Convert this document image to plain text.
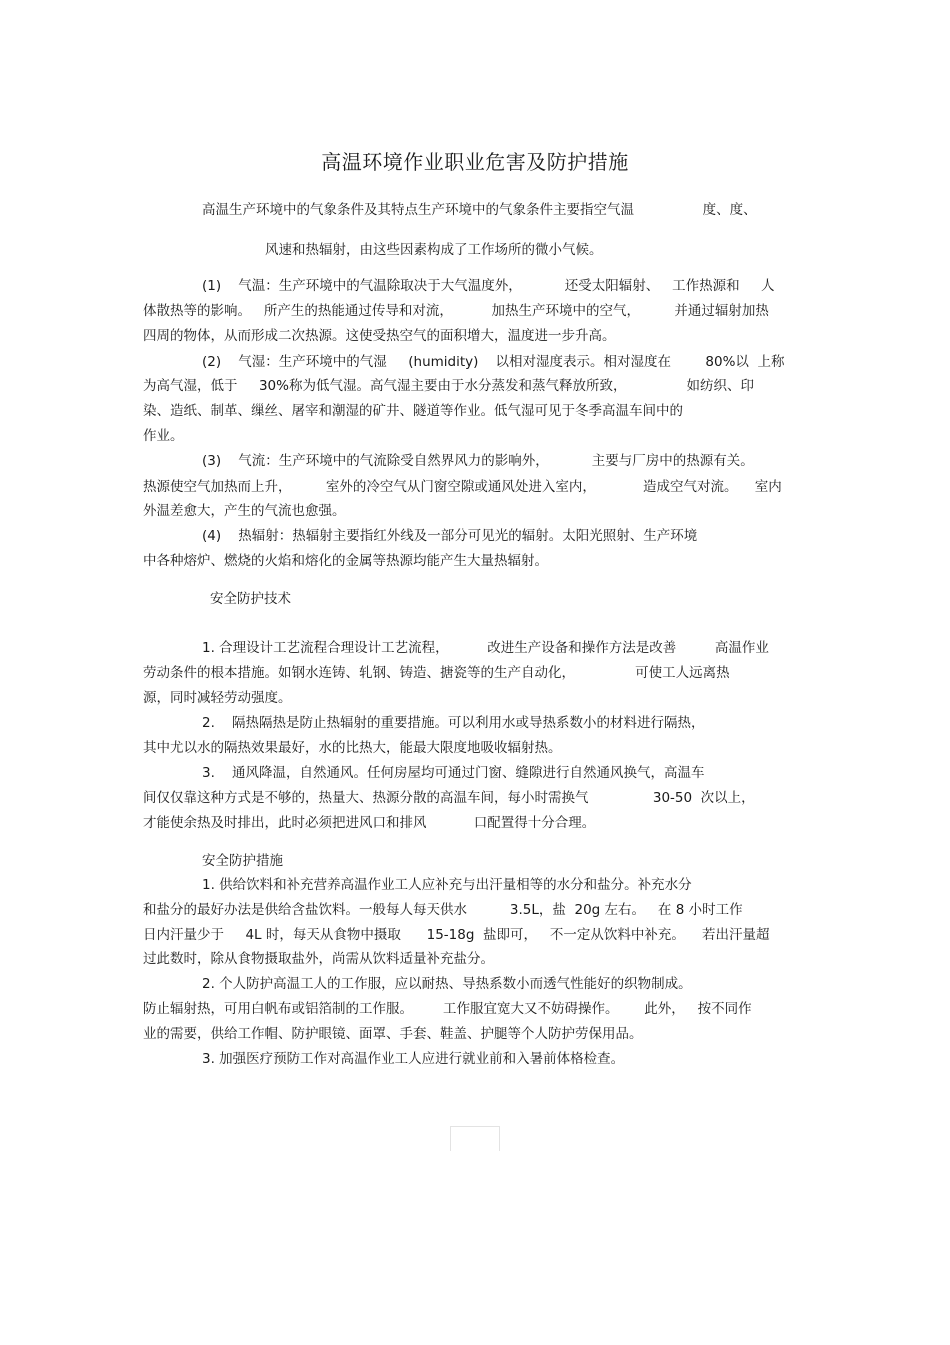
高温环境作业职业危害及防护措施
高温生产环境中的气象条件及其特点生产环境中的气象条件主要指空气温                度、度、
风速和热辐射，由这些因素构成了工作场所的微小气候。
(1)    气温：生产环境中的气温除取决于大气温度外，          还受太阳辐射、   工作热源和     人
体散热等的影响。   所产生的热能通过传导和对流，         加热生产环境中的空气，        并通过辐射加热
四周的物体，从而形成二次热源。这使受热空气的面积增大，温度进一步升高。
(2)    气湿：生产环境中的气湿     (humidity)    以相对湿度表示。相对湿度在        80%以  上称
为高气湿，低于     30%称为低气湿。高气湿主要由于水分蒸发和蒸气释放所致，              如纺织、印
染、造纸、制革、缫丝、屠宰和潮湿的矿井、隧道等作业。低气湿可见于冬季高温车间中的
作业。
(3)    气流：生产环境中的气流除受自然界风力的影响外，          主要与厂房中的热源有关。
热源使空气加热而上升，        室外的冷空气从门窗空隙或通风处进入室内，           造成空气对流。    室内
外温差愈大，产生的气流也愈强。
(4)    热辐射：热辐射主要指红外线及一部分可见光的辐射。太阳光照射、生产环境
中各种熔炉、燃烧的火焰和熔化的金属等热源均能产生大量热辐射。
安全防护技术
1. 合理设计工艺流程合理设计工艺流程，         改进生产设备和操作方法是改善         高温作业
劳动条件的根本措施。如钢水连铸、轧钢、铸造、搪瓷等的生产自动化，              可使工人远离热
源，同时减轻劳动强度。
2.    隔热隔热是防止热辐射的重要措施。可以利用水或导热系数小的材料进行隔热，
其中尤以水的隔热效果最好，水的比热大，能最大限度地吸收辐射热。
3.    通风降温，自然通风。任何房屋均可通过门窗、缝隙进行自然通风换气，高温车
间仅仅靠这种方式是不够的，热量大、热源分散的高温车间，每小时需换气               30-50  次以上，
才能使余热及时排出，此时必须把进风口和排风           口配置得十分合理。
安全防护措施
1. 供给饮料和补充营养高温作业工人应补充与出汗量相等的水分和盐分。补充水分
和盐分的最好办法是供给含盐饮料。一般每人每天供水          3.5L，盐  20g 左右。   在 8 小时工作
日内汗量少于     4L 时，每天从食物中摄取      15-18g  盐即可，   不一定从饮料中补充。    若出汗量超
过此数时，除从食物摄取盐外，尚需从饮料适量补充盐分。
2. 个人防护高温工人的工作服，应以耐热、导热系数小而透气性能好的织物制成。
防止辐射热，可用白帆布或铝箔制的工作服。       工作服宜宽大又不妨碍操作。      此外，   按不同作
业的需要，供给工作帽、防护眼镜、面罩、手套、鞋盖、护腿等个人防护劳保用品。
3. 加强医疗预防工作对高温作业工人应进行就业前和入暑前体格检查。
